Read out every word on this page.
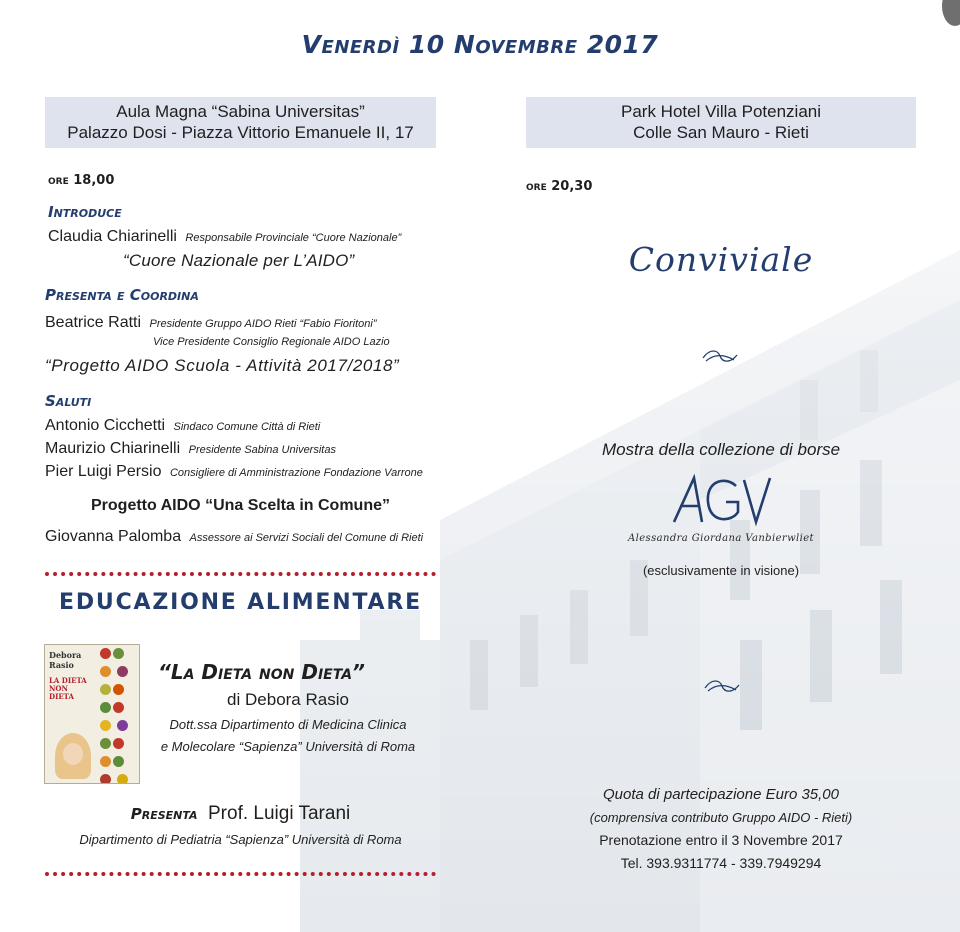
Venerdì 10 Novembre 2017
Aula Magna “Sabina Universitas”
Palazzo Dosi - Piazza Vittorio Emanuele II, 17
Park Hotel Villa Potenziani
Colle San Mauro - Rieti
ore 18,00
Introduce
Claudia Chiarinelli Responsabile Provinciale “Cuore Nazionale”
“Cuore Nazionale per L’AIDO”
Presenta e Coordina
Beatrice Ratti Presidente Gruppo AIDO Rieti “Fabio Fioritoni”
Vice Presidente Consiglio Regionale AIDO Lazio
“Progetto AIDO Scuola - Attività 2017/2018”
Saluti
Antonio Cicchetti Sindaco Comune Città di Rieti
Maurizio Chiarinelli Presidente Sabina Universitas
Pier Luigi Persio Consigliere di Amministrazione Fondazione Varrone
Progetto AIDO “Una Scelta in Comune”
Giovanna Palomba Assessore ai Servizi Sociali del Comune di Rieti
EDUCAZIONE ALIMENTARE
Debora
Rasio
LA DIETA NON DIETA

“La Dieta non Dieta”
di Debora Rasio
Dott.ssa Dipartimento di Medicina Clinica
e Molecolare “Sapienza” Università di Roma
Presenta Prof. Luigi Tarani
Dipartimento di Pediatria “Sapienza” Università di Roma
ore 20,30
Conviviale
Mostra della collezione di borse
Alessandra Giordana Vanbierwliet
(esclusivamente in visione)
Quota di partecipazione Euro 35,00
(comprensiva contributo Gruppo AIDO - Rieti)
Prenotazione entro il 3 Novembre 2017
Tel. 393.9311774 - 339.7949294
